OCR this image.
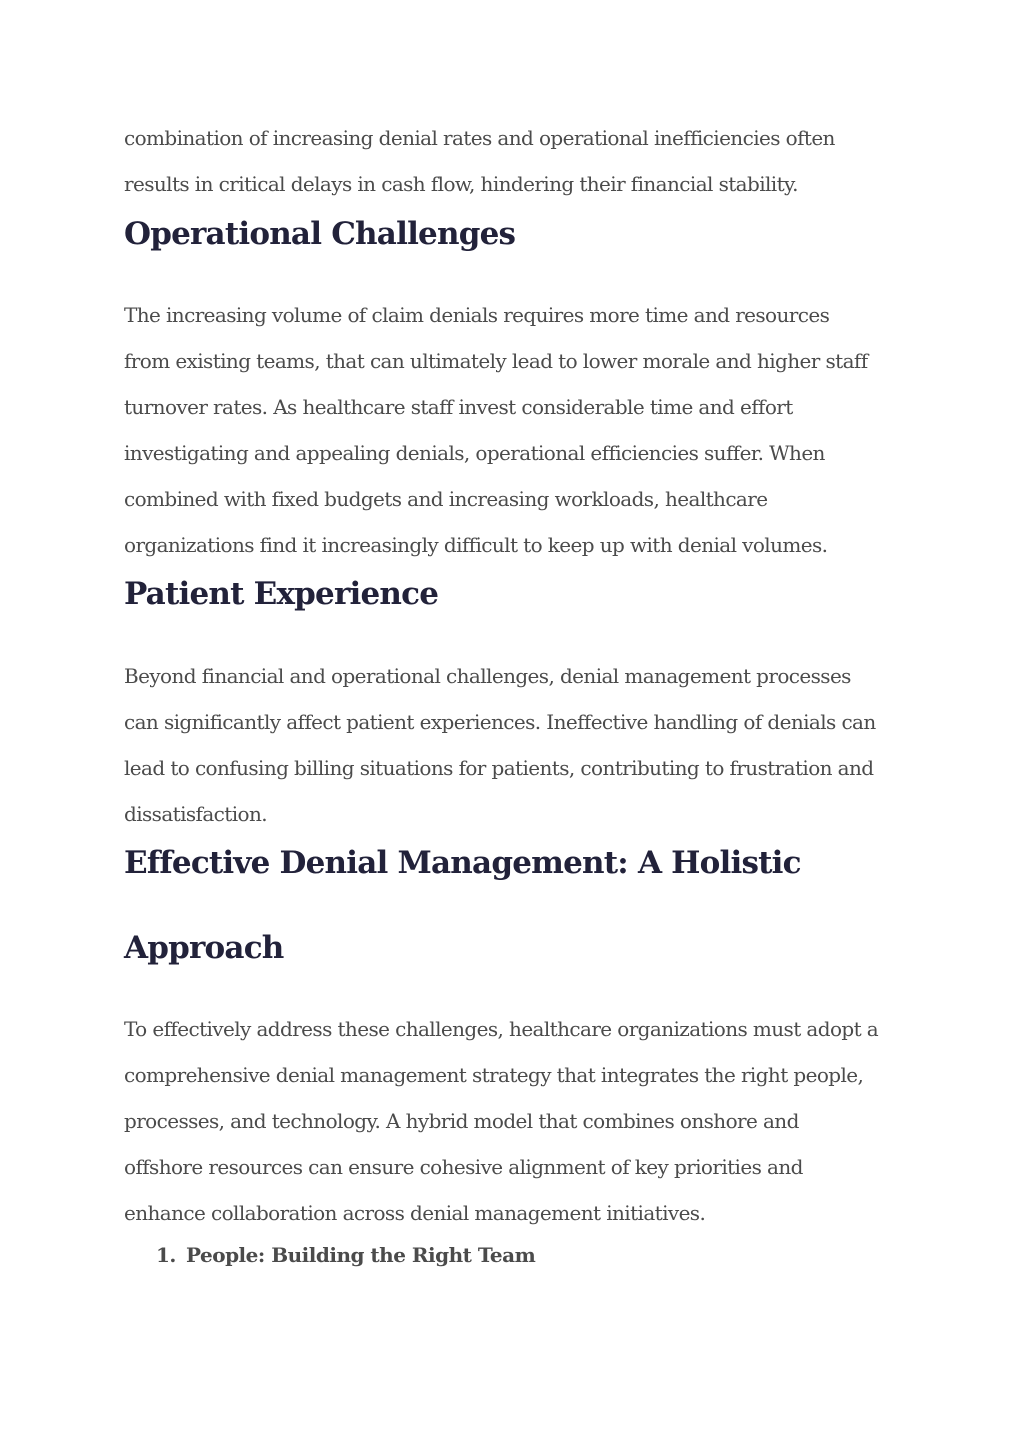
combination of increasing denial rates and operational inefficiencies often
results in critical delays in cash flow, hindering their financial stability.
Operational Challenges
The increasing volume of claim denials requires more time and resources
from existing teams, that can ultimately lead to lower morale and higher staff
turnover rates. As healthcare staff invest considerable time and effort
investigating and appealing denials, operational efficiencies suffer. When
combined with fixed budgets and increasing workloads, healthcare
organizations find it increasingly difficult to keep up with denial volumes.
Patient Experience
Beyond financial and operational challenges, denial management processes
can significantly affect patient experiences. Ineffective handling of denials can
lead to confusing billing situations for patients, contributing to frustration and
dissatisfaction.
Effective Denial Management: A Holistic
Approach
To effectively address these challenges, healthcare organizations must adopt a
comprehensive denial management strategy that integrates the right people,
processes, and technology. A hybrid model that combines onshore and
offshore resources can ensure cohesive alignment of key priorities and
enhance collaboration across denial management initiatives.
1. People: Building the Right Team
